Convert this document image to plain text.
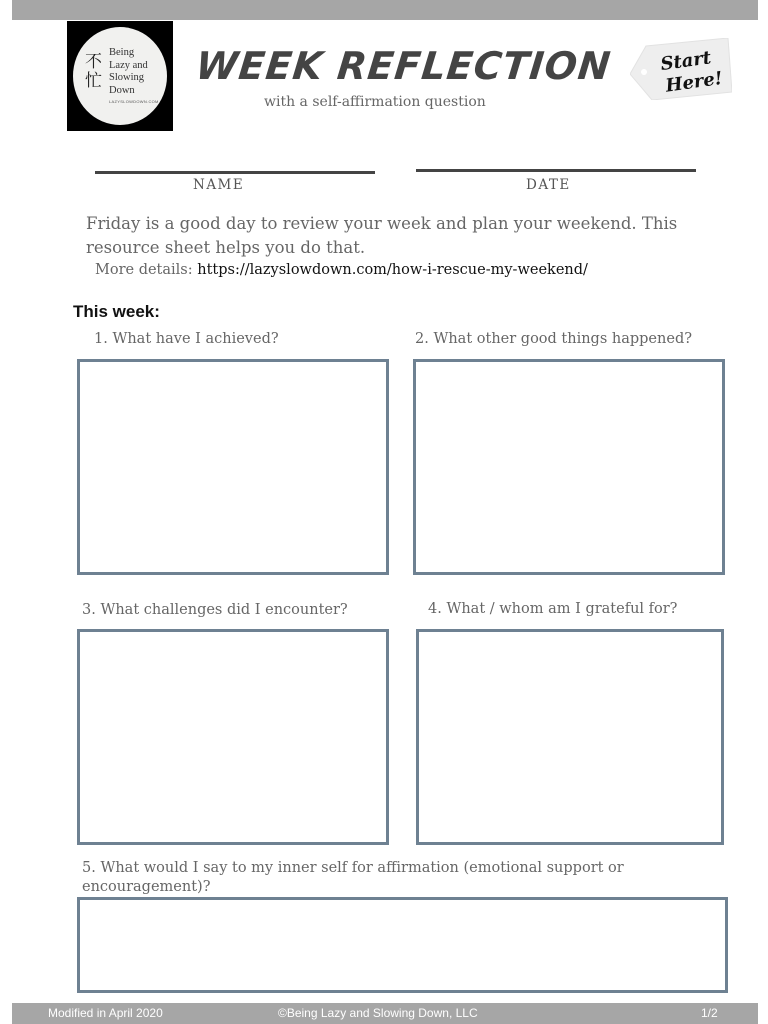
不
忙
Being
Lazy and
Slowing
Down
LAZYSLOWDOWN.COM
WEEK REFLECTION
with a self-affirmation question
Start
Here!
NAME	DATE
Friday is a good day to review your week and plan your weekend. This resource sheet helps you do that.
More details: https://lazyslowdown.com/how-i-rescue-my-weekend/
This week:
1. What have I achieved?	2. What other good things happened?
3. What challenges did I encounter?	4. What / whom am I grateful for?
5. What would I say to my inner self for affirmation (emotional support or
encouragement)?
Modified in April 2020	©Being Lazy and Slowing Down, LLC	1/2
